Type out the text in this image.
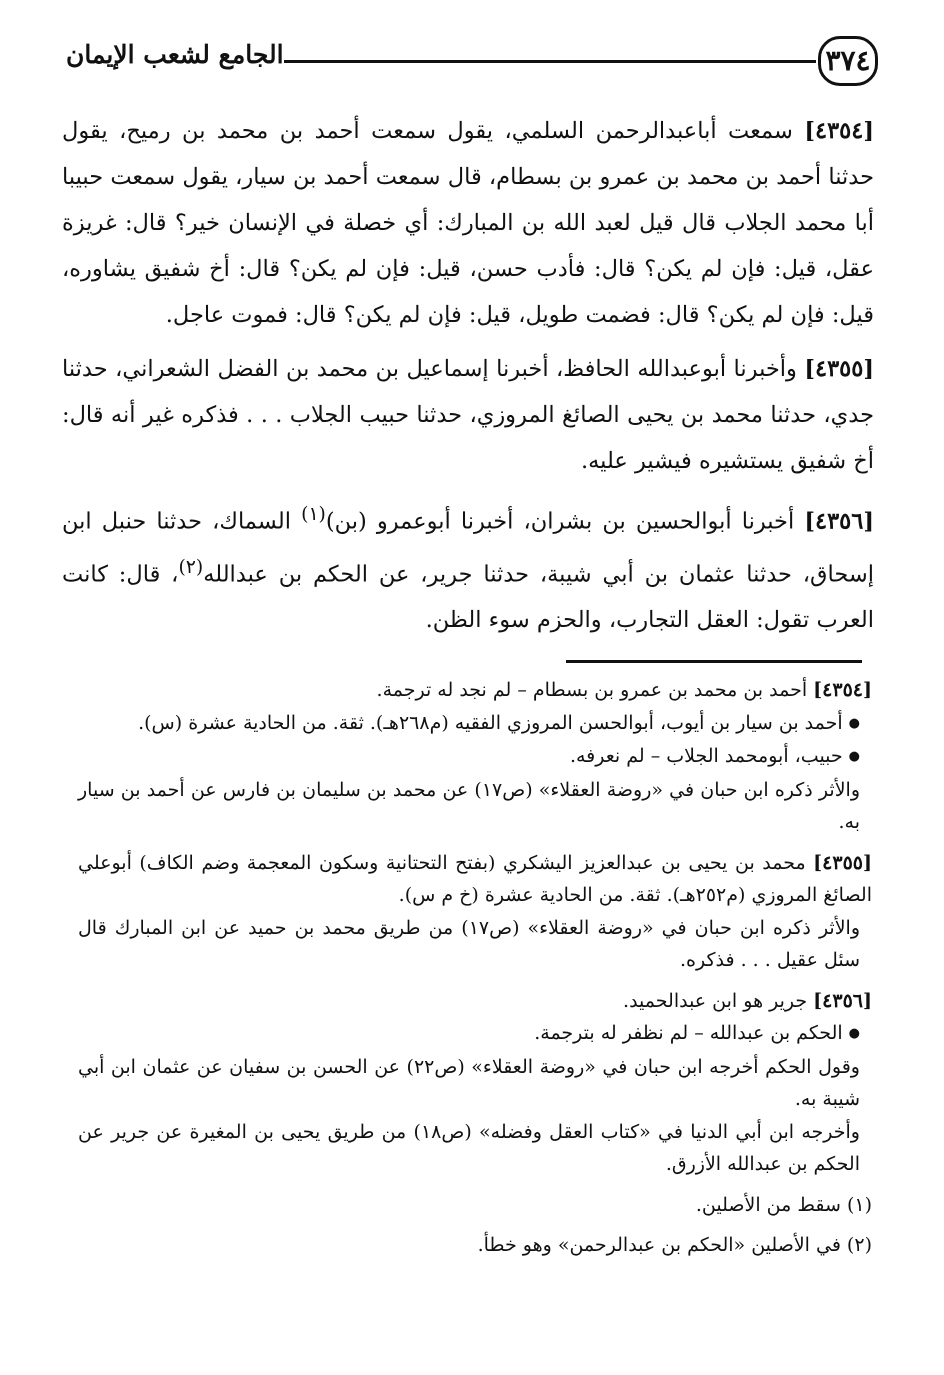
٣٧٤
الجامع لشعب الإيمان

[٤٣٥٤] سمعت أباعبدالرحمن السلمي، يقول سمعت أحمد بن محمد بن رميح، يقول حدثنا أحمد بن محمد بن عمرو بن بسطام، قال سمعت أحمد بن سيار، يقول سمعت حبيبا أبا محمد الجلاب قال قيل لعبد الله بن المبارك: أي خصلة في الإنسان خير؟ قال: غريزة عقل، قيل: فإن لم يكن؟ قال: فأدب حسن، قيل: فإن لم يكن؟ قال: أخ شفيق يشاوره، قيل: فإن لم يكن؟ قال: فضمت طويل، قيل: فإن لم يكن؟ قال: فموت عاجل.

[٤٣٥٥] وأخبرنا أبوعبدالله الحافظ، أخبرنا إسماعيل بن محمد بن الفضل الشعراني، حدثنا جدي، حدثنا محمد بن يحيى الصائغ المروزي، حدثنا حبيب الجلاب . . . فذكره غير أنه قال: أخ شفيق يستشيره فيشير عليه.

[٤٣٥٦] أخبرنا أبوالحسين بن بشران، أخبرنا أبوعمرو (بن)$^{(١)}$ السماك، حدثنا حنبل ابن إسحاق، حدثنا عثمان بن أبي شيبة، حدثنا جرير، عن الحكم بن عبدالله$^{(٢)}$، قال: كانت العرب تقول: العقل التجارب، والحزم سوء الظن.

[٤٣٥٤] أحمد بن محمد بن عمرو بن بسطام – لم نجد له ترجمة.
●أحمد بن سيار بن أيوب، أبوالحسن المروزي الفقيه (م٢٦٨هـ). ثقة. من الحادية عشرة (س).
●حبيب، أبومحمد الجلاب – لم نعرفه.
والأثر ذكره ابن حبان في «روضة العقلاء» (ص١٧) عن محمد بن سليمان بن فارس عن أحمد بن سيار به.
[٤٣٥٥] محمد بن يحيى بن عبدالعزيز اليشكري (بفتح التحتانية وسكون المعجمة وضم الكاف) أبوعلي الصائغ المروزي (م٢٥٢هـ). ثقة. من الحادية عشرة (خ م س).
والأثر ذكره ابن حبان في «روضة العقلاء» (ص١٧) من طريق محمد بن حميد عن ابن المبارك قال سئل عقيل . . . فذكره.
[٤٣٥٦] جرير هو ابن عبدالحميد.
●الحكم بن عبدالله – لم نظفر له بترجمة.
وقول الحكم أخرجه ابن حبان في «روضة العقلاء» (ص٢٢) عن الحسن بن سفيان عن عثمان ابن أبي شيبة به.
وأخرجه ابن أبي الدنيا في «كتاب العقل وفضله» (ص١٨) من طريق يحيى بن المغيرة عن جرير عن الحكم بن عبدالله الأزرق.
(١) سقط من الأصلين.
(٢) في الأصلين «الحكم بن عبدالرحمن» وهو خطأ.
